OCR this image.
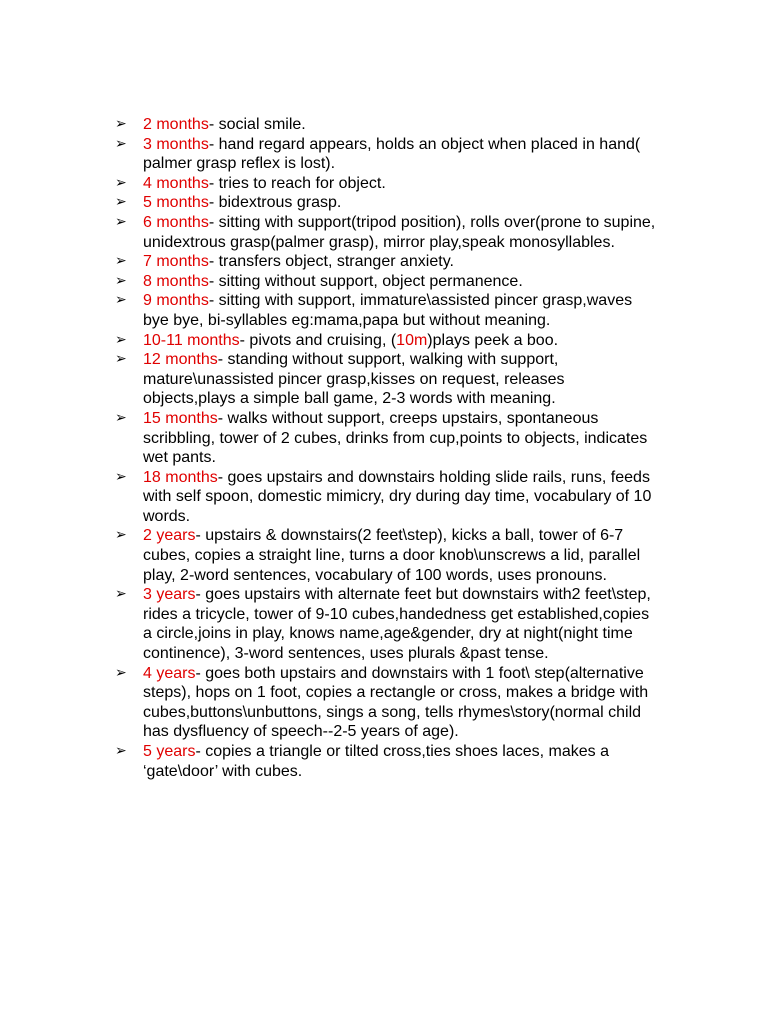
➢ 2 months- social smile.
➢ 3 months- hand regard appears, holds an object when placed in hand( palmer grasp reflex is lost).
➢ 4 months- tries to reach for object.
➢ 5 months- bidextrous grasp.
➢ 6 months- sitting with support(tripod position), rolls over(prone to supine, unidextrous grasp(palmer grasp), mirror play,speak monosyllables.
➢ 7 months- transfers object, stranger anxiety.
➢ 8 months- sitting without support, object permanence.
➢ 9 months- sitting with support, immature\assisted pincer grasp,waves bye bye, bi-syllables eg:mama,papa but without meaning.
➢ 10-11 months- pivots and cruising, (10m)plays peek a boo.
➢ 12 months- standing without support, walking with support, mature\unassisted pincer grasp,kisses on request, releases objects,plays a simple ball game, 2-3 words with meaning.
➢ 15 months- walks without support, creeps upstairs, spontaneous scribbling, tower of 2 cubes, drinks from cup,points to objects, indicates wet pants.
➢ 18 months- goes upstairs and downstairs holding slide rails, runs, feeds with self spoon, domestic mimicry, dry during day time, vocabulary of 10 words.
➢ 2 years- upstairs & downstairs(2 feet\step), kicks a ball, tower of 6-7 cubes, copies a straight line, turns a door knob\unscrews a lid, parallel play, 2-word sentences, vocabulary of 100 words, uses pronouns.
➢ 3 years- goes upstairs with alternate feet but downstairs with2 feet\step, rides a tricycle, tower of 9-10 cubes,handedness get established,copies a circle,joins in play, knows name,age&gender, dry at night(night time continence), 3-word sentences, uses plurals &past tense.
➢ 4 years- goes both upstairs and downstairs with 1 foot\ step(alternative steps), hops on 1 foot, copies a rectangle or cross, makes a bridge with cubes,buttons\unbuttons, sings a song, tells rhymes\story(normal child has dysfluency of speech--2-5 years of age).
➢ 5 years- copies a triangle or tilted cross,ties shoes laces, makes a ‘gate\door’ with cubes.
